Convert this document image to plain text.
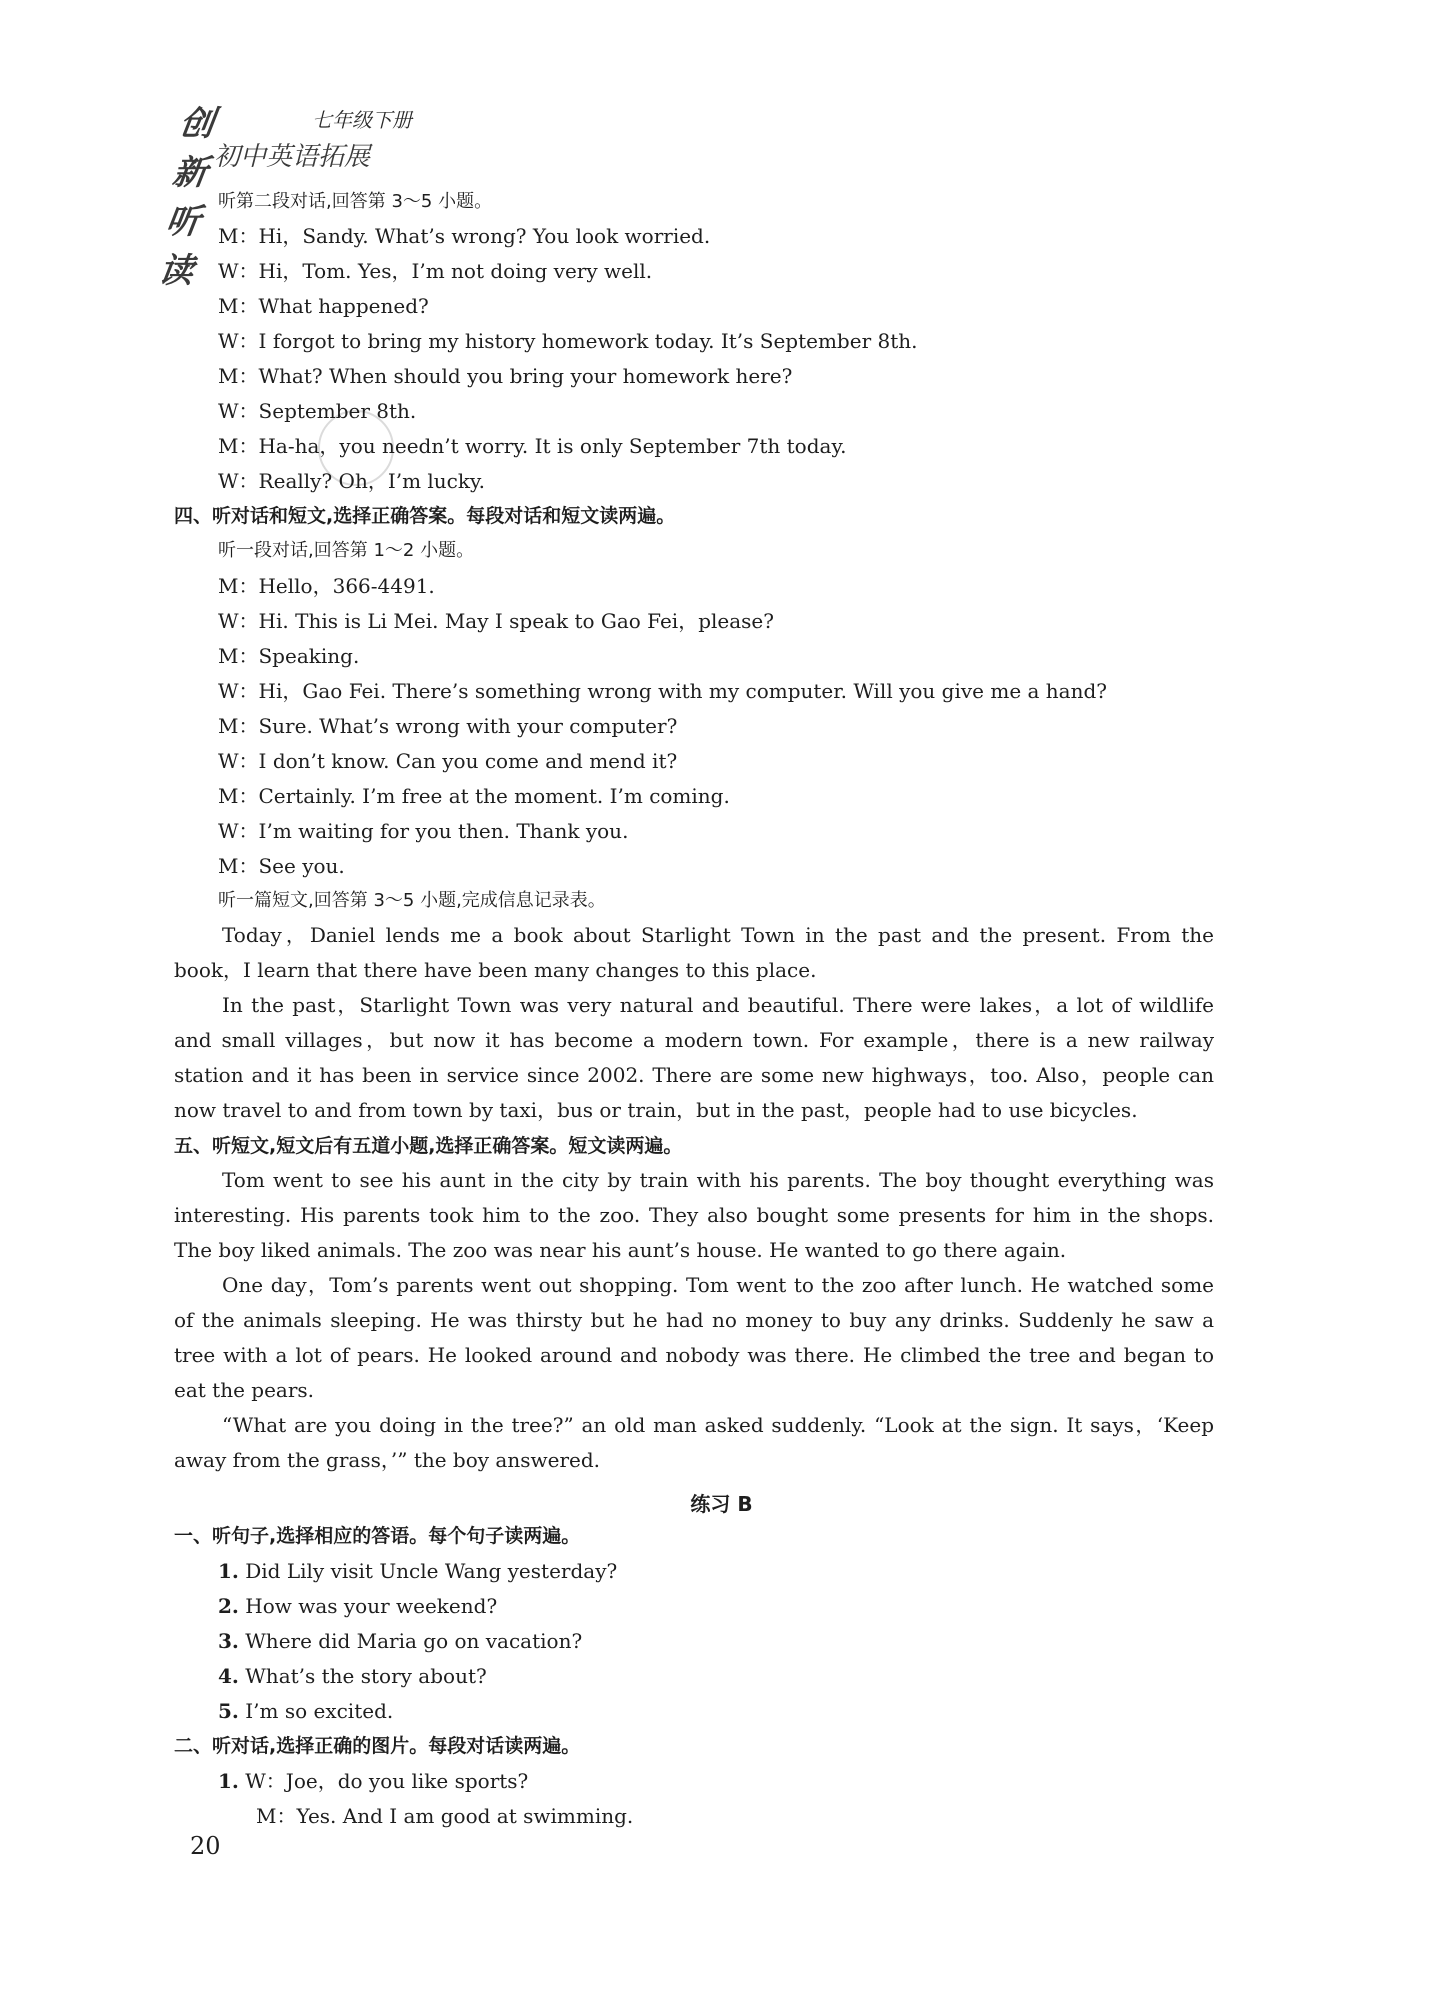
创新听读
七年级下册
初中英语拓展
五、听短文,短文后有五道小题,选择正确答案。短文读两遍。
练习 B
一、听句子,选择相应的答语。每个句子读两遍。
1. Did Lily visit Uncle Wang yesterday?
2. How was your weekend?
3. Where did Maria go on vacation?
4. What’s the story about?
5. I’m so excited.
二、听对话,选择正确的图片。每段对话读两遍。
1. W：Joe，do you like sports?
M：Yes. And I am good at swimming.
听第二段对话,回答第 3～5 小题。
M：Hi，Sandy. What’s wrong? You look worried.
W：Hi，Tom. Yes，I’m not doing very well.
M：What happened?
W：I forgot to bring my history homework today. It’s September 8th.
M：What? When should you bring your homework here?
W：September 8th.
M：Ha-ha，you needn’t worry. It is only September 7th today.
W：Really? Oh，I’m lucky.
四、听对话和短文,选择正确答案。每段对话和短文读两遍。
听一段对话,回答第 1～2 小题。
M：Hello，366-4491.
W：Hi. This is Li Mei. May I speak to Gao Fei，please?
M：Speaking.
W：Hi，Gao Fei. There’s something wrong with my computer. Will you give me a hand?
M：Sure. What’s wrong with your computer?
W：I don’t know. Can you come and mend it?
M：Certainly. I’m free at the moment. I’m coming.
W：I’m waiting for you then. Thank you.
M：See you.
听一篇短文,回答第 3～5 小题,完成信息记录表。
Today，Daniel lends me a book about Starlight Town in the past and the present. From the book，I learn that there have been many changes to this place.
In the past，Starlight Town was very natural and beautiful. There were lakes，a lot of wildlife and small villages，but now it has become a modern town. For example，there is a new railway station and it has been in service since 2002. There are some new highways，too. Also，people can now travel to and from town by taxi，bus or train，but in the past，people had to use bicycles.
Tom went to see his aunt in the city by train with his parents. The boy thought everything was interesting. His parents took him to the zoo. They also bought some presents for him in the shops. The boy liked animals. The zoo was near his aunt’s house. He wanted to go there again.
One day，Tom’s parents went out shopping. Tom went to the zoo after lunch. He watched some of the animals sleeping. He was thirsty but he had no money to buy any drinks. Suddenly he saw a tree with a lot of pears. He looked around and nobody was there. He climbed the tree and began to eat the pears.
“What are you doing in the tree?” an old man asked suddenly. “Look at the sign. It says，‘Keep away from the grass，’” the boy answered.
20
